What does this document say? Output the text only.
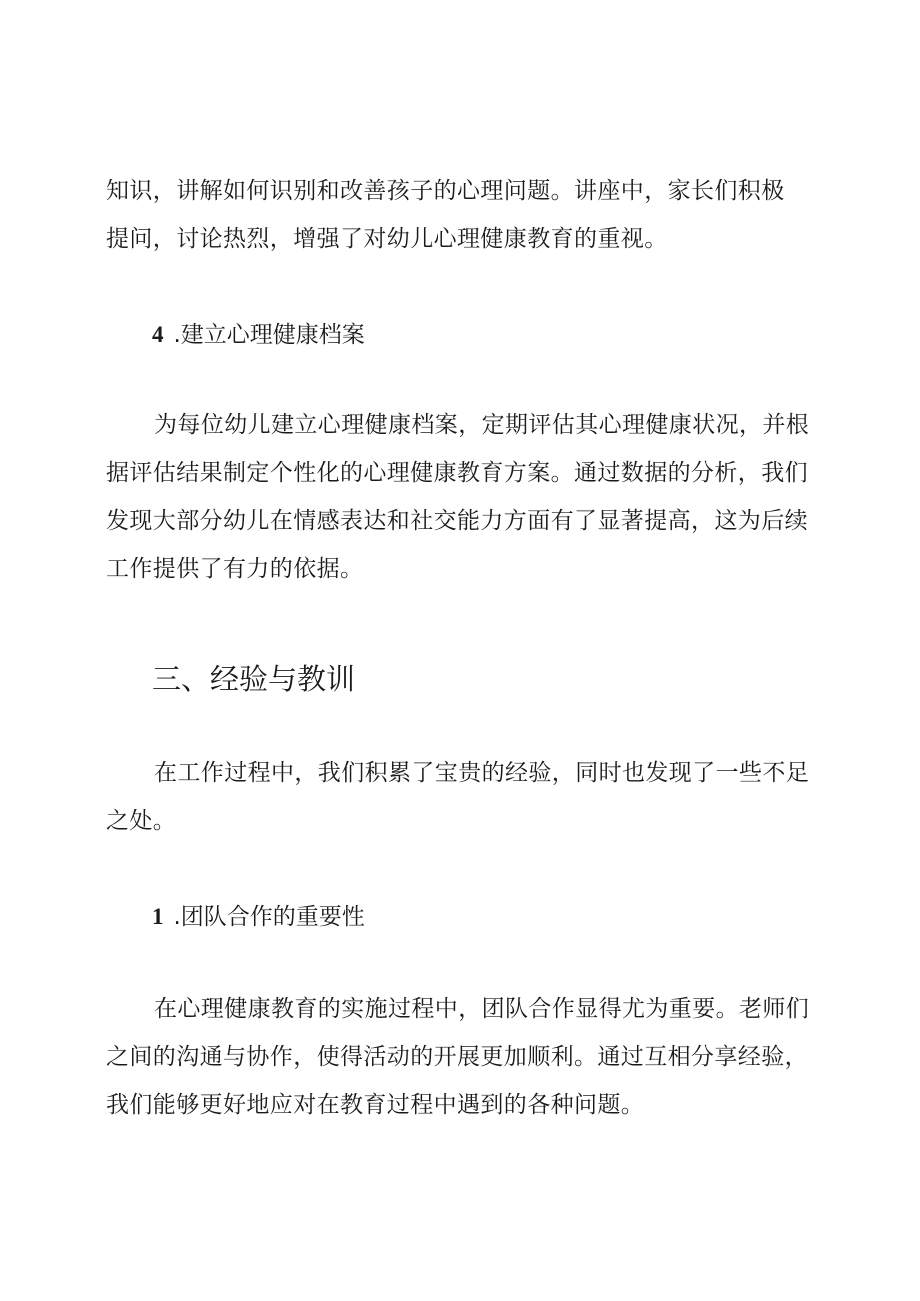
知识，讲解如何识别和改善孩子的心理问题。讲座中，家长们积极
提问，讨论热烈，增强了对幼儿心理健康教育的重视。
4 .建立心理健康档案
为每位幼儿建立心理健康档案，定期评估其心理健康状况，并根
据评估结果制定个性化的心理健康教育方案。通过数据的分析，我们
发现大部分幼儿在情感表达和社交能力方面有了显著提高，这为后续
工作提供了有力的依据。
三、经验与教训
在工作过程中，我们积累了宝贵的经验，同时也发现了一些不足
之处。
1 .团队合作的重要性
在心理健康教育的实施过程中，团队合作显得尤为重要。老师们
之间的沟通与协作，使得活动的开展更加顺利。通过互相分享经验，
我们能够更好地应对在教育过程中遇到的各种问题。
